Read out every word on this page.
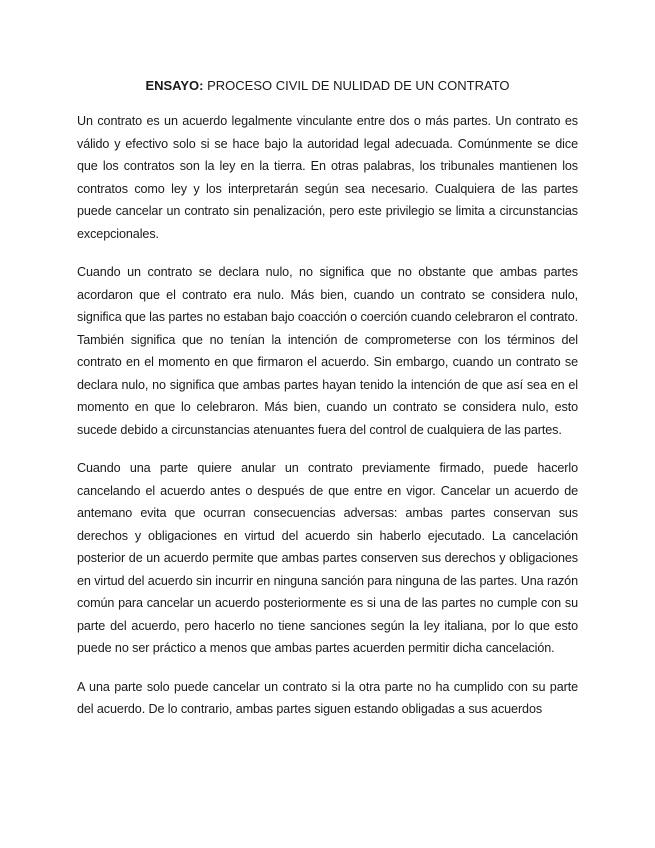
ENSAYO: PROCESO CIVIL DE NULIDAD DE UN CONTRATO

Un contrato es un acuerdo legalmente vinculante entre dos o más partes. Un contrato es válido y efectivo solo si se hace bajo la autoridad legal adecuada. Comúnmente se dice que los contratos son la ley en la tierra. En otras palabras, los tribunales mantienen los contratos como ley y los interpretarán según sea necesario. Cualquiera de las partes puede cancelar un contrato sin penalización, pero este privilegio se limita a circunstancias excepcionales.

Cuando un contrato se declara nulo, no significa que no obstante que ambas partes acordaron que el contrato era nulo. Más bien, cuando un contrato se considera nulo, significa que las partes no estaban bajo coacción o coerción cuando celebraron el contrato. También significa que no tenían la intención de comprometerse con los términos del contrato en el momento en que firmaron el acuerdo. Sin embargo, cuando un contrato se declara nulo, no significa que ambas partes hayan tenido la intención de que así sea en el momento en que lo celebraron. Más bien, cuando un contrato se considera nulo, esto sucede debido a circunstancias atenuantes fuera del control de cualquiera de las partes.

Cuando una parte quiere anular un contrato previamente firmado, puede hacerlo cancelando el acuerdo antes o después de que entre en vigor. Cancelar un acuerdo de antemano evita que ocurran consecuencias adversas: ambas partes conservan sus derechos y obligaciones en virtud del acuerdo sin haberlo ejecutado. La cancelación posterior de un acuerdo permite que ambas partes conserven sus derechos y obligaciones en virtud del acuerdo sin incurrir en ninguna sanción para ninguna de las partes. Una razón común para cancelar un acuerdo posteriormente es si una de las partes no cumple con su parte del acuerdo, pero hacerlo no tiene sanciones según la ley italiana, por lo que esto puede no ser práctico a menos que ambas partes acuerden permitir dicha cancelación.

A una parte solo puede cancelar un contrato si la otra parte no ha cumplido con su parte del acuerdo. De lo contrario, ambas partes siguen estando obligadas a sus acuerdos
